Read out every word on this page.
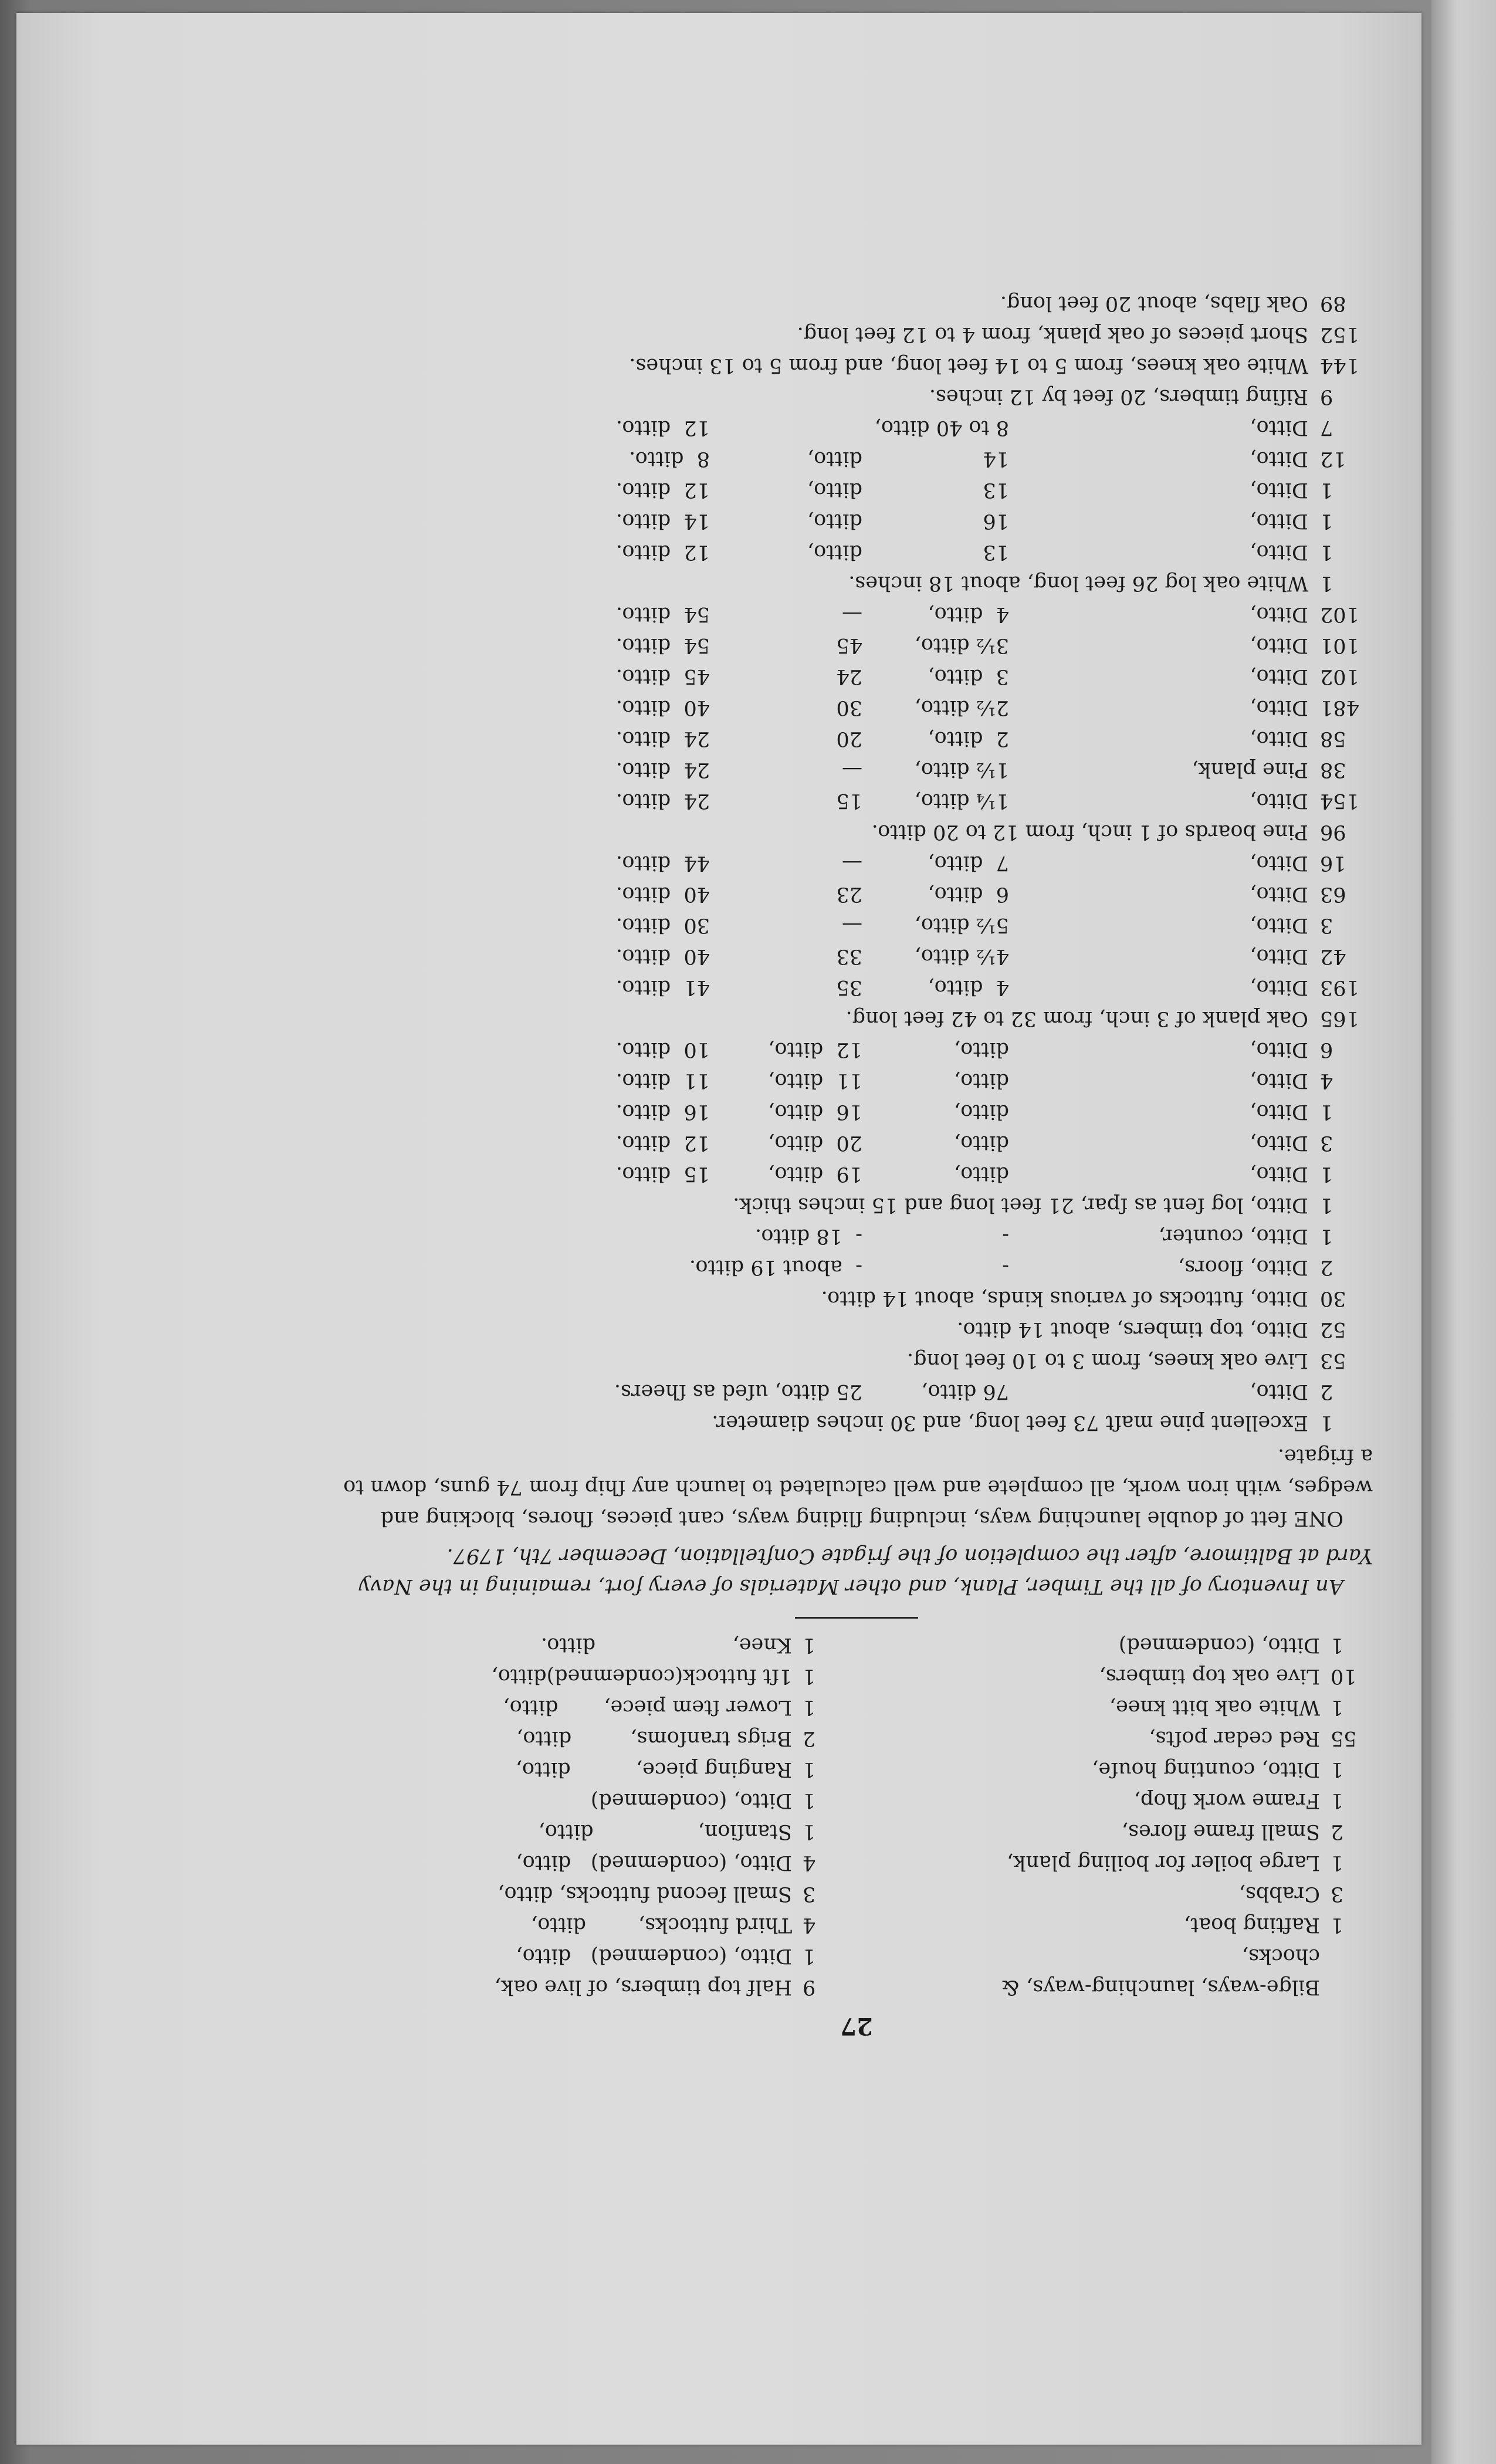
27
Bilge-ways, launching-ways, &
chocks,
1
Rafting boat,
3
Crabbs,
1
Large boiler for boiling plank,
2
Small frame flores,
1
Frame work ſhop,
1
Ditto, counting houſe,
55
Red cedar poſts,
1
White oak bitt knee,
10
Live oak top timbers,
1
Ditto, (condemned)
9
Half top timbers, of live oak,
1
Ditto, (condemned)   ditto,
4
Third futtocks,        ditto,
3
Small ſecond futtocks, ditto,
4
Ditto, (condemned)   ditto,
1
Stanſion,                ditto,
1
Ditto, (condemned)
1
Ranging piece,          ditto,
2
Brigs tranſoms,         ditto,
1
Lower ſtem piece,       ditto,
1
1ſt futtock(condemned)ditto,
1
Knee,                     ditto.

An Inventory of all the Timber, Plank, and other Materials of every ſort, remaining in the Navy Yard at Baltimore, after the completion of the frigate Conſtellation, December 7th, 1797.

ONE ſett of double launching ways, including ſliding ways, cant pieces, ſhores, blocking and wedges, with iron work, all complete and well calculated to launch any ſhip from 74 guns, down to a frigate.

1
Excellent pine maſt 73 feet long, and 30 inches diameter.
2
Ditto,
76 ditto,
25 ditto, uſed as ſheers.
53
Live oak knees, from 3 to 10 feet long.
52
Ditto, top timbers, about 14 ditto.
30
Ditto, futtocks of various kinds, about 14 ditto.
2
Ditto, floors,
-
-  about 19 ditto.
1
Ditto, counter,
-
-  18 ditto.
1
Ditto, log ſent as ſpar, 21 feet long and 15 inches thick.
1
Ditto,
ditto,
19  ditto,
15  ditto.
3
Ditto,
ditto,
20  ditto,
12  ditto.
1
Ditto,
ditto,
16  ditto,
16  ditto.
4
Ditto,
ditto,
11  ditto,
11  ditto.
6
Ditto,
ditto,
12  ditto,
10  ditto.
165
Oak plank of 3 inch, from 32 to 42 feet long.
193
Ditto,
4  ditto,
35
41  ditto.
42
Ditto,
4½ ditto,
33
40  ditto.
3
Ditto,
5½ ditto,
—
30  ditto.
63
Ditto,
6  ditto,
23
40  ditto.
16
Ditto,
7  ditto,
—
44  ditto.
96
Pine boards of 1 inch, from 12 to 20 ditto.
154
Ditto,
1¼ ditto,
15
24  ditto.
38
Pine plank,
1½ ditto,
—
24  ditto.
58
Ditto,
2  ditto,
20
24  ditto.
481
Ditto,
2½ ditto,
30
40  ditto.
102
Ditto,
3  ditto,
24
45  ditto.
101
Ditto,
3½ ditto,
45
54  ditto.
102
Ditto,
4  ditto,
—
54  ditto.
1
White oak log 26 feet long, about 18 inches.
1
Ditto,
13
ditto,
12  ditto.
1
Ditto,
16
ditto,
14  ditto.
1
Ditto,
13
ditto,
12  ditto.
12
Ditto,
14
ditto,
8  ditto.
7
Ditto,
8 to 40 ditto,
12  ditto.
9
Riſing timbers, 20 feet by 12 inches.
144
White oak knees, from 5 to 14 feet long, and from 5 to 13 inches.
152
Short pieces of oak plank, from 4 to 12 feet long.
89
Oak ſlabs, about 20 feet long.
